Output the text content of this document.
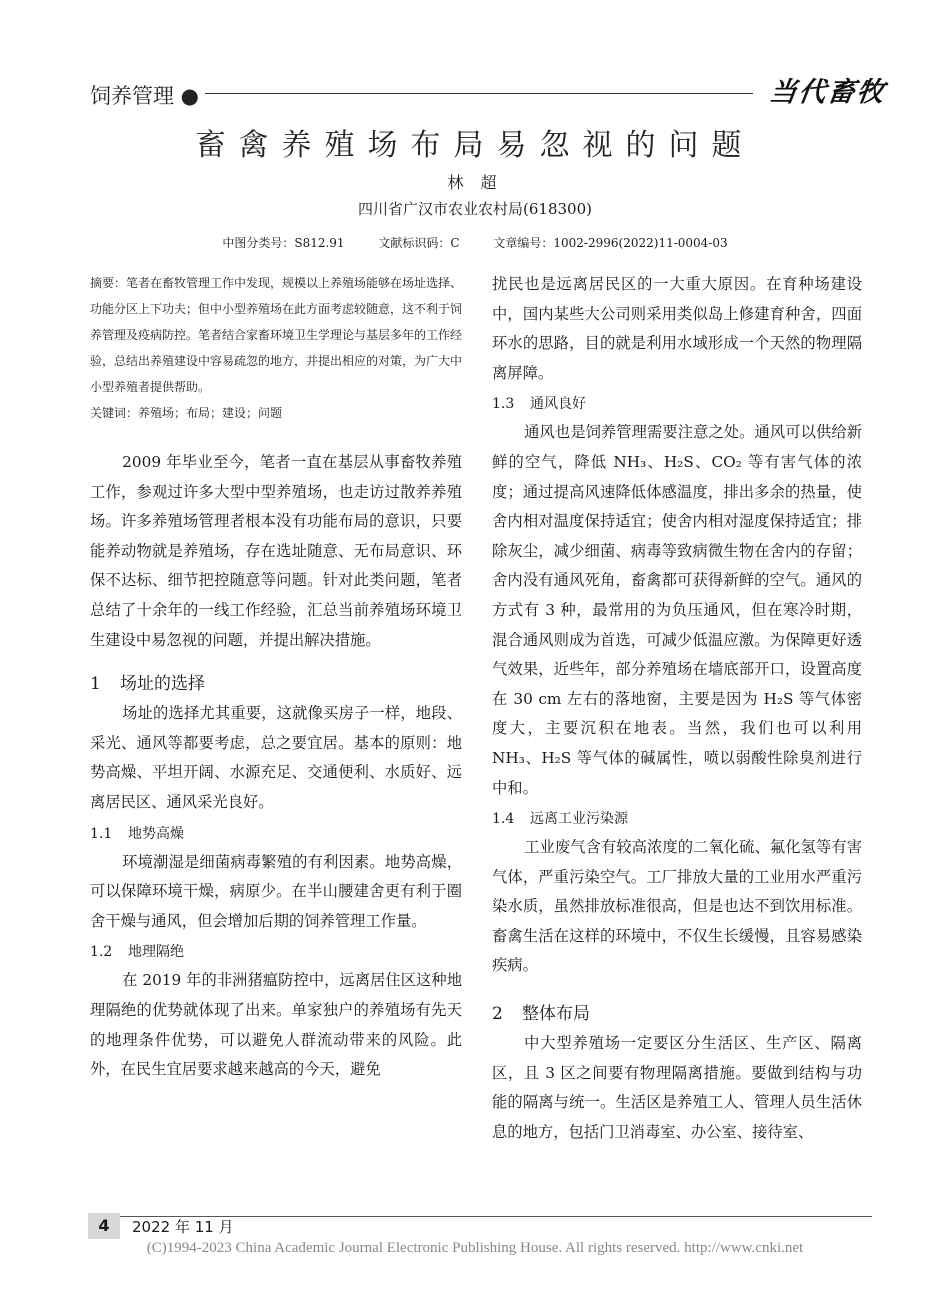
饲养管理 ●	当代畜牧
畜禽养殖场布局易忽视的问题
林 超
四川省广汉市农业农村局(618300)
中图分类号：S812.91	文献标识码：C	文章编号：1002-2996(2022)11-0004-03

摘要：笔者在畜牧管理工作中发现，规模以上养殖场能够在场址选择、功能分区上下功夫；但中小型养殖场在此方面考虑较随意，这不利于饲养管理及疫病防控。笔者结合家畜环境卫生学理论与基层多年的工作经验，总结出养殖建设中容易疏忽的地方，并提出相应的对策，为广大中小型养殖者提供帮助。

关键词：养殖场；布局；建设；问题

2009 年毕业至今，笔者一直在基层从事畜牧养殖工作，参观过许多大型中型养殖场，也走访过散养养殖场。许多养殖场管理者根本没有功能布局的意识，只要能养动物就是养殖场，存在选址随意、无布局意识、环保不达标、细节把控随意等问题。针对此类问题，笔者总结了十余年的一线工作经验，汇总当前养殖场环境卫生建设中易忽视的问题，并提出解决措施。

1 场址的选择

场址的选择尤其重要，这就像买房子一样，地段、采光、通风等都要考虑，总之要宜居。基本的原则：地势高燥、平坦开阔、水源充足、交通便利、水质好、远离居民区、通风采光良好。

1.1 地势高燥

环境潮湿是细菌病毒繁殖的有利因素。地势高燥，可以保障环境干燥，病原少。在半山腰建舍更有利于圈舍干燥与通风，但会增加后期的饲养管理工作量。

1.2 地理隔绝

在 2019 年的非洲猪瘟防控中，远离居住区这种地理隔绝的优势就体现了出来。单家独户的养殖场有先天的地理条件优势，可以避免人群流动带来的风险。此外，在民生宜居要求越来越高的今天，避免

扰民也是远离居民区的一大重大原因。在育种场建设中，国内某些大公司则采用类似岛上修建育种舍，四面环水的思路，目的就是利用水域形成一个天然的物理隔离屏障。

1.3 通风良好

通风也是饲养管理需要注意之处。通风可以供给新鲜的空气，降低 NH₃、H₂S、CO₂ 等有害气体的浓度；通过提高风速降低体感温度，排出多余的热量，使舍内相对温度保持适宜；使舍内相对湿度保持适宜；排除灰尘，减少细菌、病毒等致病微生物在舍内的存留；舍内没有通风死角，畜禽都可获得新鲜的空气。通风的方式有 3 种，最常用的为负压通风，但在寒冷时期，混合通风则成为首选，可减少低温应激。为保障更好透气效果，近些年，部分养殖场在墙底部开口，设置高度在 30 cm 左右的落地窗，主要是因为 H₂S 等气体密度大，主要沉积在地表。当然，我们也可以利用 NH₃、H₂S 等气体的碱属性，喷以弱酸性除臭剂进行中和。

1.4 远离工业污染源

工业废气含有较高浓度的二氧化硫、氟化氢等有害气体，严重污染空气。工厂排放大量的工业用水严重污染水质，虽然排放标准很高，但是也达不到饮用标准。畜禽生活在这样的环境中，不仅生长缓慢，且容易感染疾病。

2 整体布局

中大型养殖场一定要区分生活区、生产区、隔离区，且 3 区之间要有物理隔离措施。要做到结构与功能的隔离与统一。生活区是养殖工人、管理人员生活休息的地方，包括门卫消毒室、办公室、接待室、

4	2022 年 11 月
(C)1994-2023 China Academic Journal Electronic Publishing House. All rights reserved. http://www.cnki.net
